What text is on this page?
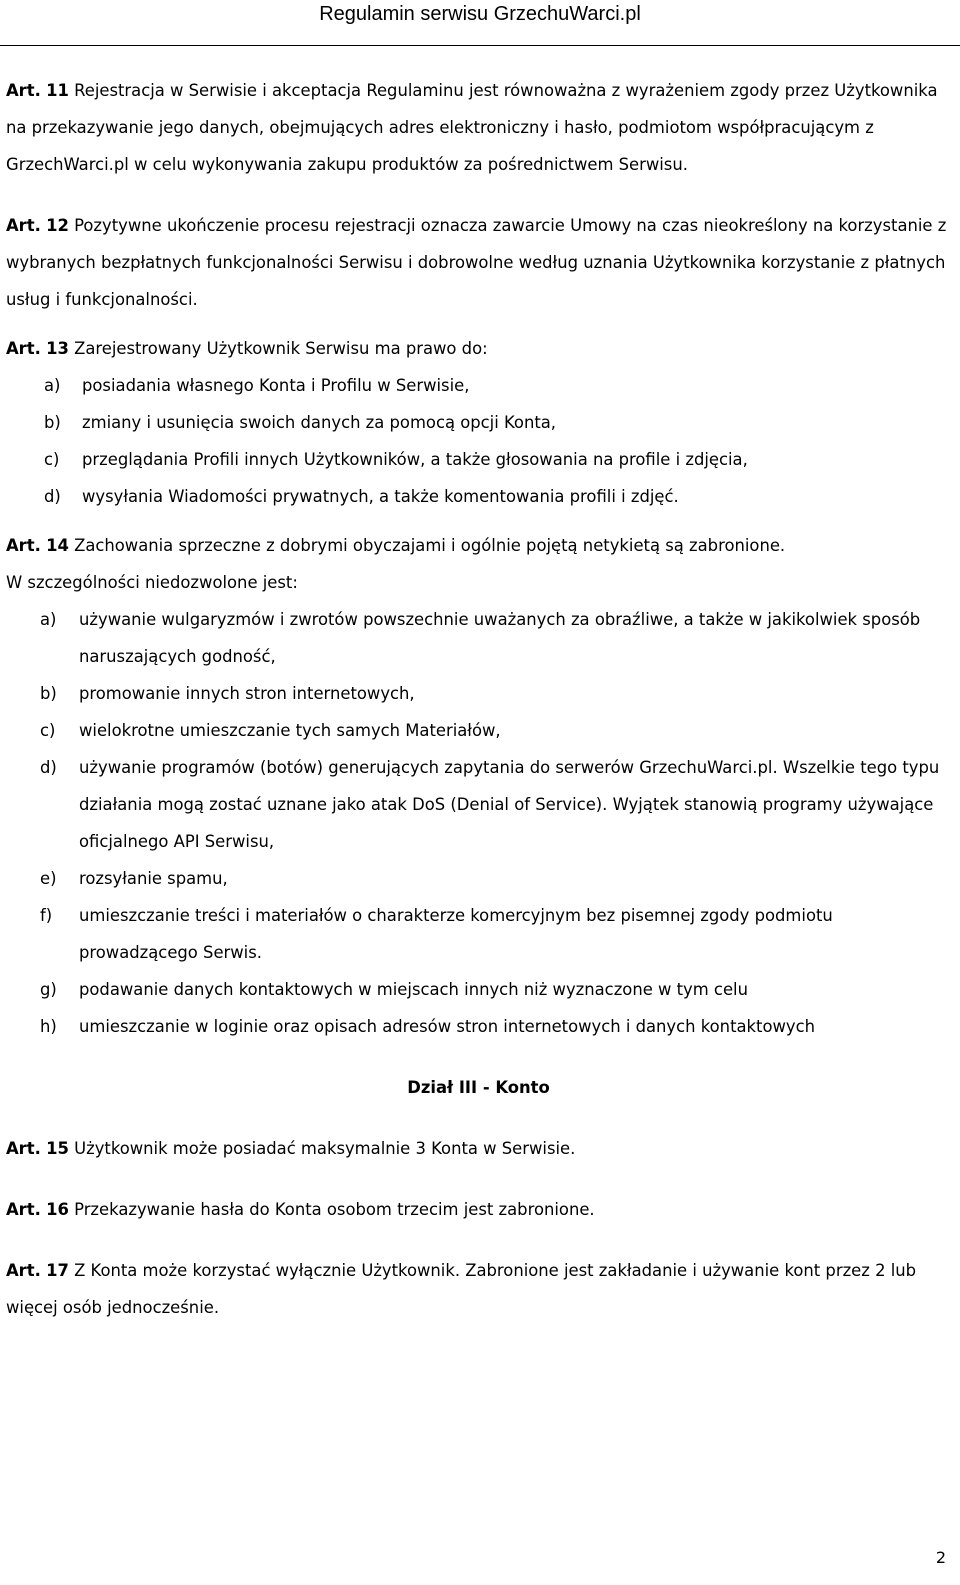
Regulamin serwisu GrzechuWarci.pl

Art. 11 Rejestracja w Serwisie i akceptacja Regulaminu jest równoważna z wyrażeniem zgody przez Użytkownika na przekazywanie jego danych, obejmujących adres elektroniczny i hasło, podmiotom współpracującym z GrzechWarci.pl w celu wykonywania zakupu produktów za pośrednictwem Serwisu.

Art. 12 Pozytywne ukończenie procesu rejestracji oznacza zawarcie Umowy na czas nieokreślony na korzystanie z wybranych bezpłatnych funkcjonalności Serwisu i dobrowolne według uznania Użytkownika korzystanie z płatnych usług i funkcjonalności.

Art. 13 Zarejestrowany Użytkownik Serwisu ma prawo do:

a)	posiadania własnego Konta i Profilu w Serwisie,
b)	zmiany i usunięcia swoich danych za pomocą opcji Konta,
c)	przeglądania Profili innych Użytkowników, a także głosowania na profile i zdjęcia,
d)	wysyłania Wiadomości prywatnych, a także komentowania profili i zdjęć.

Art. 14 Zachowania sprzeczne z dobrymi obyczajami i ogólnie pojętą netykietą są zabronione.

W szczególności niedozwolone jest:

a)	używanie wulgaryzmów i zwrotów powszechnie uważanych za obraźliwe, a także w jakikolwiek sposób naruszających godność,
b)	promowanie innych stron internetowych,
c)	wielokrotne umieszczanie tych samych Materiałów,
d)	używanie programów (botów) generujących zapytania do serwerów GrzechuWarci.pl. Wszelkie tego typu działania mogą zostać uznane jako atak DoS (Denial of Service). Wyjątek stanowią programy używające oficjalnego API Serwisu,
e)	rozsyłanie spamu,
f)	umieszczanie treści i materiałów o charakterze komercyjnym bez pisemnej zgody podmiotu prowadzącego Serwis.
g)	podawanie danych kontaktowych w miejscach innych niż wyznaczone w tym celu
h)	umieszczanie w loginie oraz opisach adresów stron internetowych i danych kontaktowych

Dział III - Konto

Art. 15 Użytkownik może posiadać maksymalnie 3 Konta w Serwisie.

Art. 16 Przekazywanie hasła do Konta osobom trzecim jest zabronione.

Art. 17 Z Konta może korzystać wyłącznie Użytkownik. Zabronione jest zakładanie i używanie kont przez 2 lub więcej osób jednocześnie.

2
